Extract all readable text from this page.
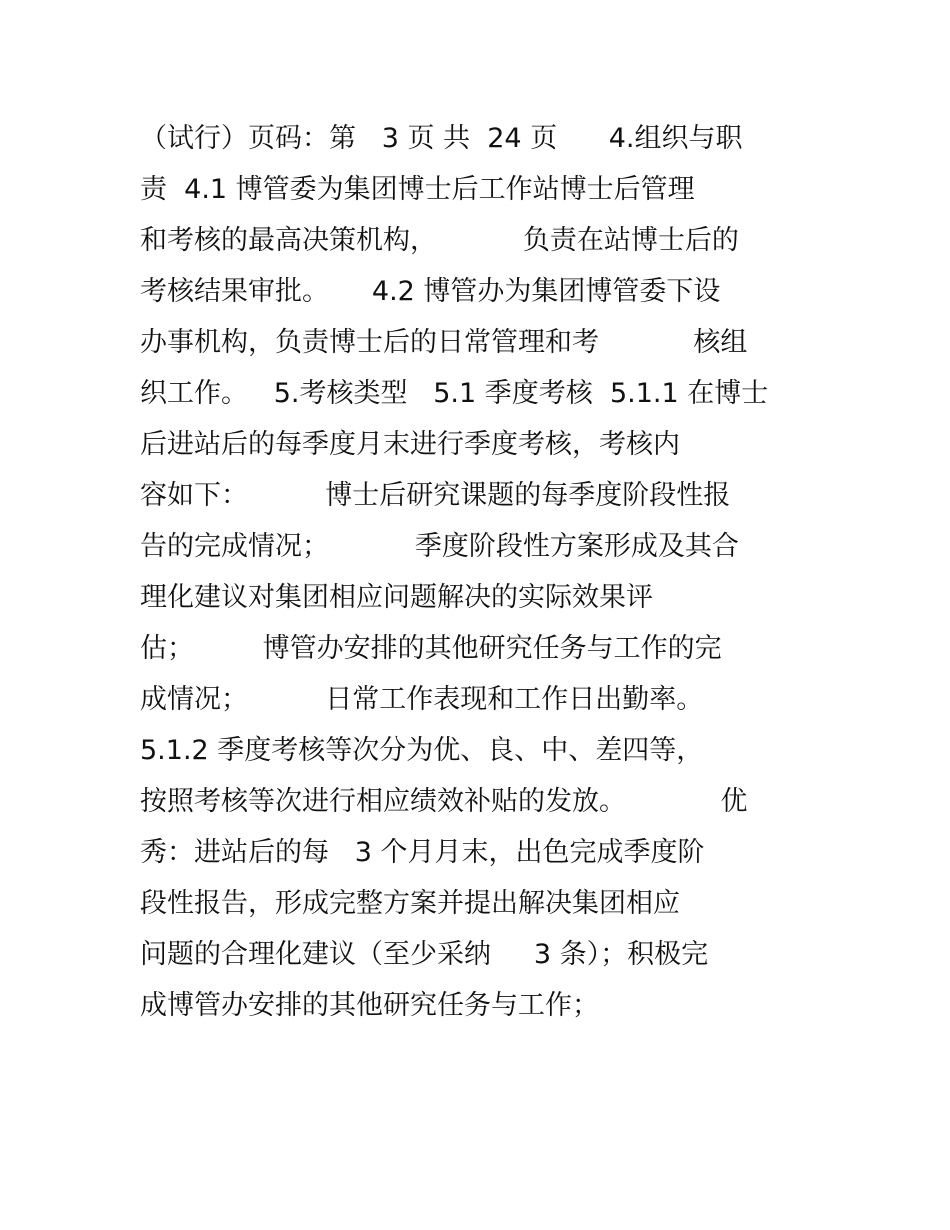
（试行）页码：第   3 页 共  24 页      4.组织与职
责  4.1 博管委为集团博士后工作站博士后管理
和考核的最高决策机构，          负责在站博士后的
考核结果审批。     4.2 博管办为集团博管委下设
办事机构，负责博士后的日常管理和考           核组
织工作。   5.考核类型   5.1 季度考核  5.1.1 在博士
后进站后的每季度月末进行季度考核，考核内
容如下：         博士后研究课题的每季度阶段性报
告的完成情况；          季度阶段性方案形成及其合
理化建议对集团相应问题解决的实际效果评
估；        博管办安排的其他研究任务与工作的完
成情况；         日常工作表现和工作日出勤率。
5.1.2 季度考核等次分为优、良、中、差四等，
按照考核等次进行相应绩效补贴的发放。           优
秀：进站后的每   3 个月月末，出色完成季度阶
段性报告，形成完整方案并提出解决集团相应
问题的合理化建议（至少采纳     3 条）；积极完
成博管办安排的其他研究任务与工作；
